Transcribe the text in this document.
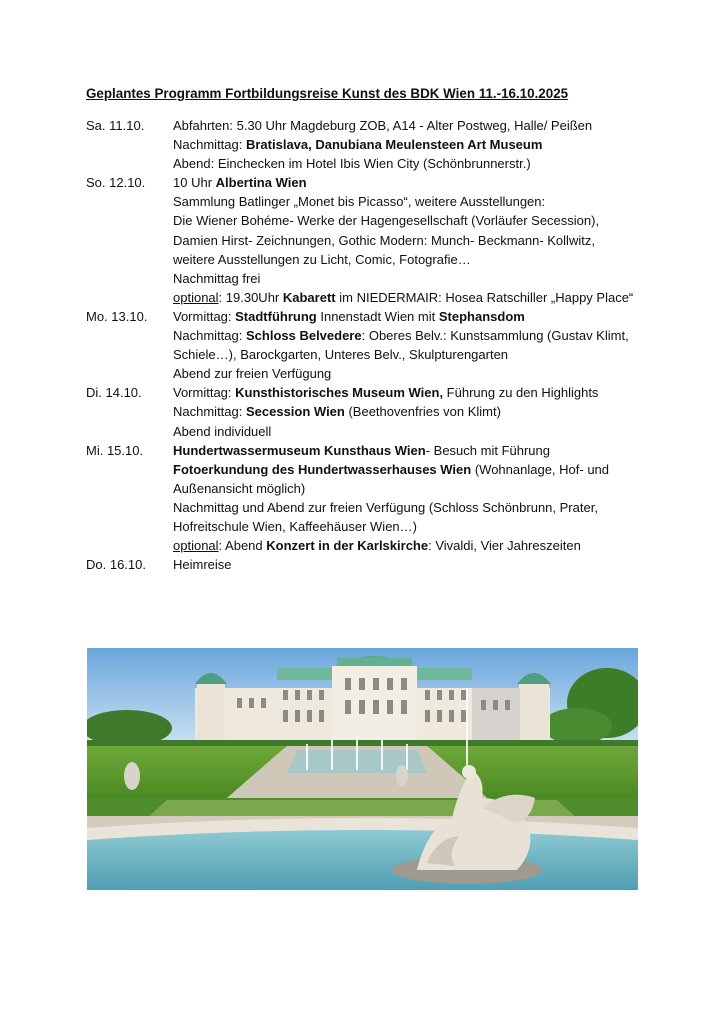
Geplantes Programm Fortbildungsreise Kunst des BDK Wien 11.-16.10.2025
Sa. 11.10.	Abfahrten: 5.30 Uhr Magdeburg ZOB, A14 - Alter Postweg, Halle/ Peißen
Nachmittag: Bratislava, Danubiana Meulensteen Art Museum
Abend: Einchecken im Hotel Ibis Wien City (Schönbrunnerstr.)
So. 12.10.	10 Uhr Albertina Wien
Sammlung Batlinger „Monet bis Picasso“, weitere Ausstellungen:
Die Wiener Bohéme- Werke der Hagengesellschaft (Vorläufer Secession),
Damien Hirst- Zeichnungen, Gothic Modern: Munch- Beckmann- Kollwitz,
weitere Ausstellungen zu Licht, Comic, Fotografie…
Nachmittag frei
optional: 19.30Uhr Kabarett im NIEDERMAIR: Hosea Ratschiller „Happy Place“
Mo. 13.10.	Vormittag: Stadtführung Innenstadt Wien mit Stephansdom
Nachmittag: Schloss Belvedere: Oberes Belv.: Kunstsammlung (Gustav Klimt,
Schiele…), Barockgarten, Unteres Belv., Skulpturengarten
Abend zur freien Verfügung
Di. 14.10.	Vormittag: Kunsthistorisches Museum Wien, Führung zu den Highlights
Nachmittag: Secession Wien (Beethovenfries von Klimt)
Abend individuell
Mi. 15.10.	Hundertwassermuseum Kunsthaus Wien- Besuch mit Führung
Fotoerkundung des Hundertwasserhauses Wien (Wohnanlage, Hof- und
Außenansicht möglich)
Nachmittag und Abend zur freien Verfügung (Schloss Schönbrunn, Prater,
Hofreitschule Wien, Kaffeehäuser Wien…)
optional: Abend Konzert in der Karlskirche: Vivaldi, Vier Jahreszeiten
Do. 16.10.	Heimreise
